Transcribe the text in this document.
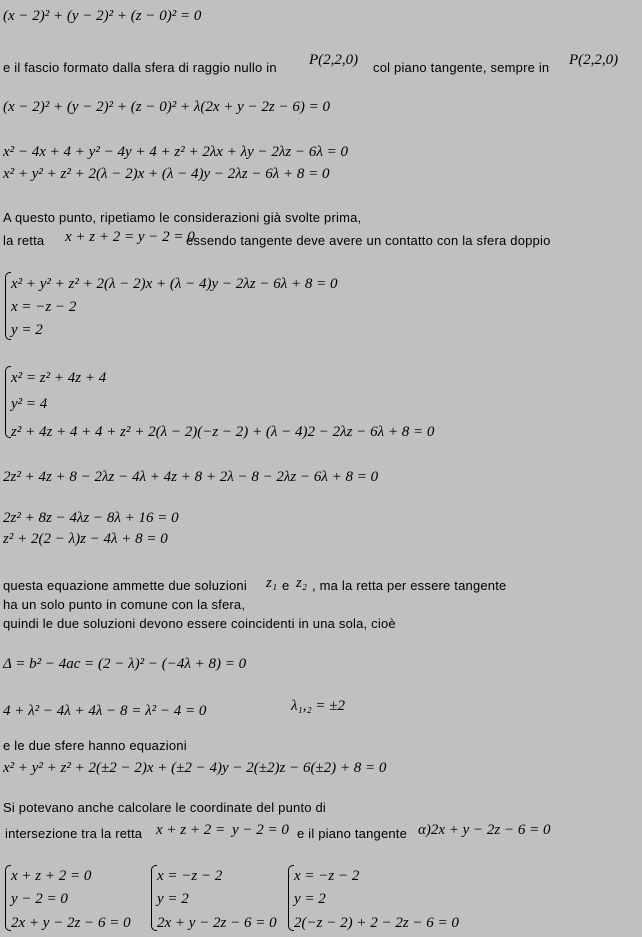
(x − 2)² + (y − 2)² + (z − 0)² = 0
e il fascio formato dalla sfera di raggio nullo in P(2,2,0) col piano tangente, sempre in P(2,2,0)
(x − 2)² + (y − 2)² + (z − 0)² + λ(2x + y − 2z − 6) = 0
x² − 4x + 4 + y² − 4y + 4 + z² + 2λx + λy − 2λz − 6λ = 0
x² + y² + z² + 2(λ − 2)x + (λ − 4)y − 2λz − 6λ + 8 = 0
A questo punto, ripetiamo le considerazioni già svolte prima,
la retta x + z + 2 = y − 2 = 0
essendo tangente deve avere un contatto con la sfera doppio
x² + y² + z² + 2(λ − 2)x + (λ − 4)y − 2λz − 6λ + 8 = 0
x = −z − 2
y = 2
x² = z² + 4z + 4
y² = 4
z² + 4z + 4 + 4 + z² + 2(λ − 2)(−z − 2) + (λ − 4)2 − 2λz − 6λ + 8 = 0
2z² + 4z + 8 − 2λz − 4λ + 4z + 8 + 2λ − 8 − 2λz − 6λ + 8 = 0
2z² + 8z − 4λz − 8λ + 16 = 0
z² + 2(2 − λ)z − 4λ + 8 = 0
questa equazione ammette due soluzioni z₁ e z₂ , ma la retta per essere tangente
ha un solo punto in comune con la sfera,
quindi le due soluzioni devono essere coincidenti in una sola, cioè
Δ = b² − 4ac = (2 − λ)² − (−4λ + 8) = 0
4 + λ² − 4λ + 4λ − 8 = λ² − 4 = 0	λ₁,₂ = ±2
e le due sfere hanno equazioni
x² + y² + z² + 2(±2 − 2)x + (±2 − 4)y − 2(±2)z − 6(±2) + 8 = 0
Si potevano anche calcolare le coordinate del punto di
intersezione tra la retta x + z + 2 = y − 2 = 0 e il piano tangente α)2x + y − 2z − 6 = 0
x + z + 2 = 0
y − 2 = 0
2x + y − 2z − 6 = 0
x = −z − 2
y = 2
2x + y − 2z − 6 = 0
x = −z − 2
y = 2
2(−z − 2) + 2 − 2z − 6 = 0
